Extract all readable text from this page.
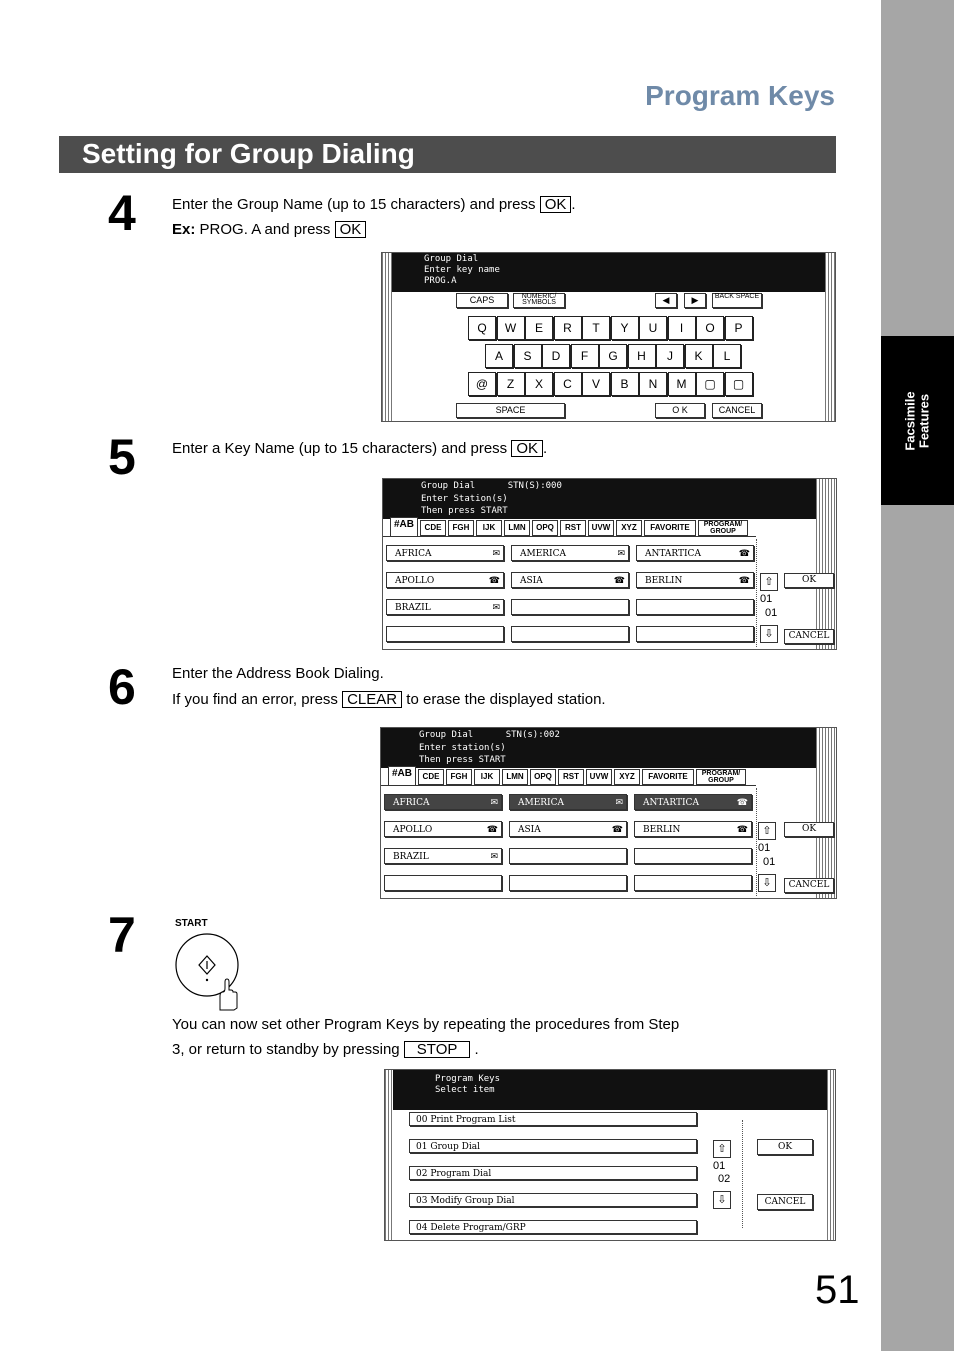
Facsimile
Features
Program Keys
Setting for Group Dialing
4 Enter the Group Name (up to 15 characters) and press OK .
Ex: PROG. A and press OK
Group Dial
Enter key name
PROG.A
CAPS	NUMERIC/ SYMBOLS	◀	▶	BACK SPACE
Q	W	E	R	T	Y	U	I	O	P
A	S	D	F	G	H	J	K	L
@	Z	X	C	V	B	N	M	▢	▢
SPACE	O K	CANCEL
5 Enter a Key Name (up to 15 characters) and press OK .
Group Dial	STN(S):000
Enter Station(s)
Then press START
#AB	CDE	FGH	IJK	LMN	OPQ	RST	UVW	XYZ	FAVORITE	PROGRAM/ GROUP
AFRICA	✉	AMERICA	✉	ANTARTICA	☎
APOLLO	☎	ASIA	☎	BERLIN	☎
BRAZIL	✉
⇧
01
01
⇩
OK
CANCEL
6 Enter the Address Book Dialing.
If you find an error, press CLEAR to erase the displayed station.
Group Dial	STN(s):002
Enter station(s)
Then press START
#AB	CDE	FGH	IJK	LMN	OPQ	RST	UVW	XYZ	FAVORITE	PROGRAM/ GROUP
AFRICA	✉	AMERICA	✉	ANTARTICA	☎
APOLLO	☎	ASIA	☎	BERLIN	☎
BRAZIL	✉
⇧
01
01
⇩
OK
CANCEL
7	START
You can now set other Program Keys by repeating the procedures from Step
3, or return to standby by pressing STOP .
Program Keys
Select item
00 Print Program List
01 Group Dial
02 Program Dial
03 Modify Group Dial
04 Delete Program/GRP
⇧
01
02
⇩
OK
CANCEL
51
